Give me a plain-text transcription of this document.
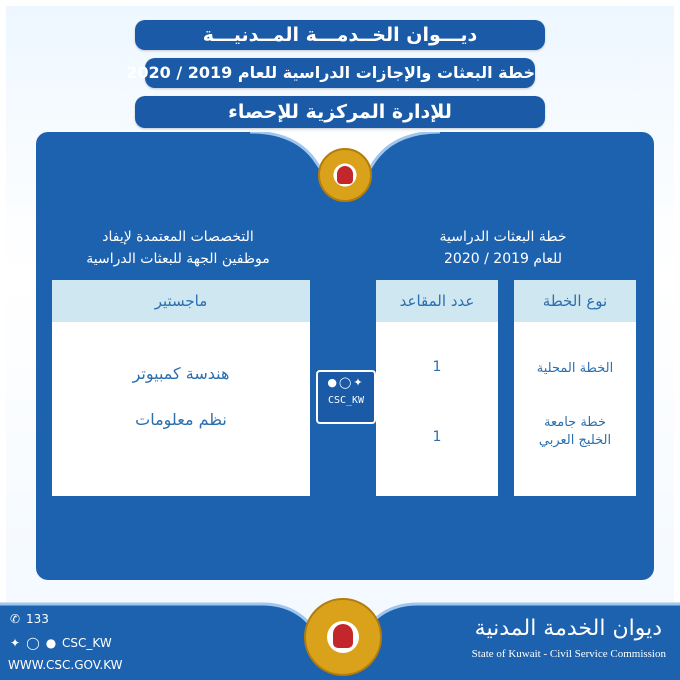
ديـــوان الخــدمـــة المــدنيـــة
خطة البعثات والإجازات الدراسية للعام 2019 / 2020
للإدارة المركزية للإحصاء
خطة البعثات الدراسية
للعام 2019 / 2020
التخصصات المعتمدة لإيفاد
موظفين الجهة للبعثات الدراسية
نوع الخطة
الخطة المحلية
خطة جامعة
الخليج العربي
عدد المقاعد
1
1
ماجستير
هندسة كمبيوتر
نظم معلومات
●◯✦
CSC_KW
ديوان الخدمة المدنية
State of Kuwait - Civil Service Commission
✆ 133
✦ ◯ ● CSC_KW
WWW.CSC.GOV.KW
